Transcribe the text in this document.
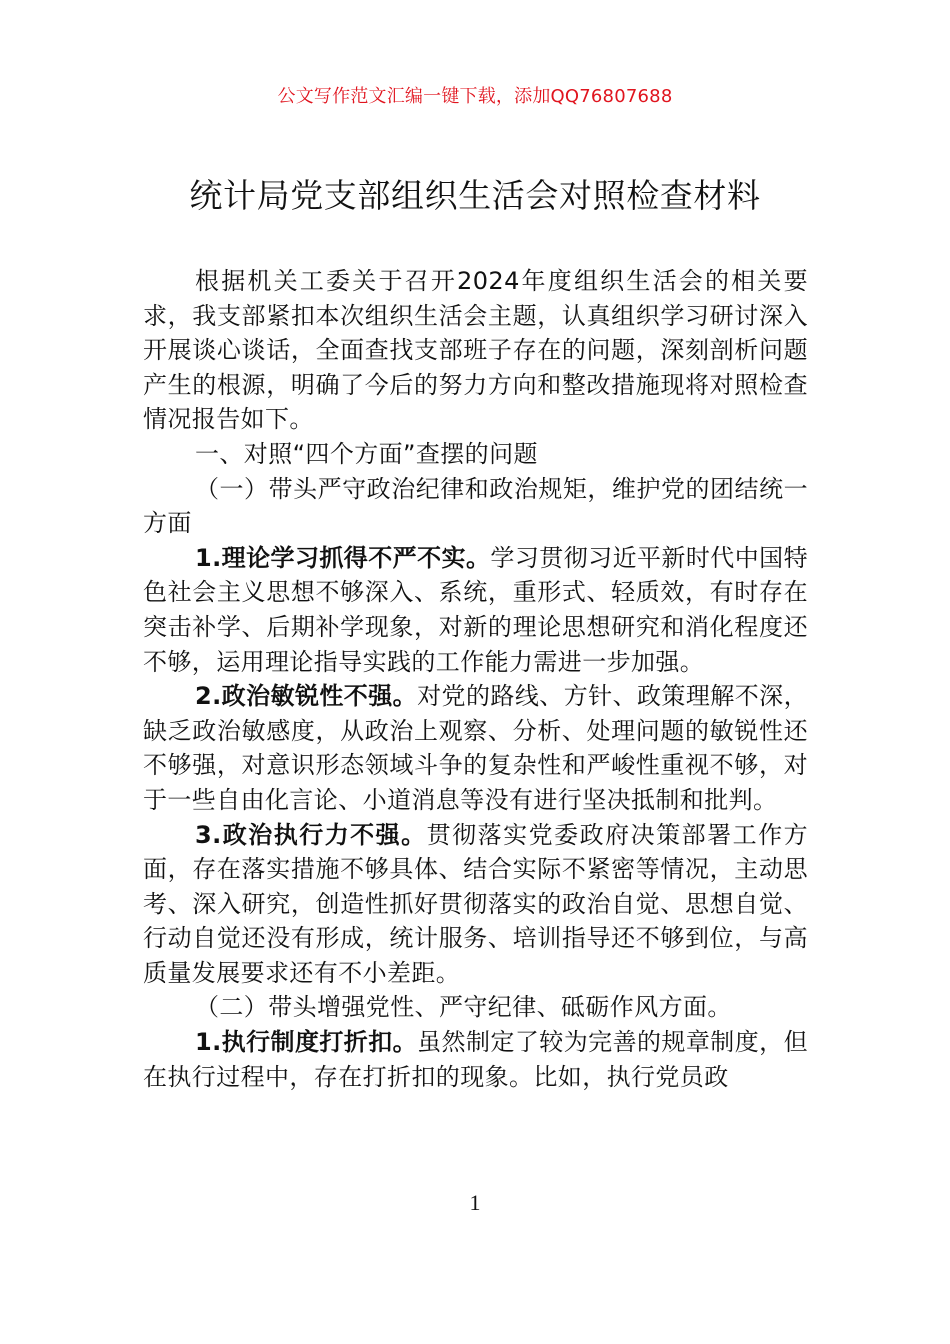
公文写作范文汇编一键下载，添加QQ76807688
统计局党支部组织生活会对照检查材料

根据机关工委关于召开2024年度组织生活会的相关要求，我支部紧扣本次组织生活会主题，认真组织学习研讨深入开展谈心谈话，全面查找支部班子存在的问题，深刻剖析问题产生的根源，明确了今后的努力方向和整改措施现将对照检查情况报告如下。

一、对照“四个方面”查摆的问题

（一）带头严守政治纪律和政治规矩，维护党的团结统一方面

1.理论学习抓得不严不实。学习贯彻习近平新时代中国特色社会主义思想不够深入、系统，重形式、轻质效，有时存在突击补学、后期补学现象，对新的理论思想研究和消化程度还不够，运用理论指导实践的工作能力需进一步加强。

2.政治敏锐性不强。对党的路线、方针、政策理解不深，缺乏政治敏感度，从政治上观察、分析、处理问题的敏锐性还不够强，对意识形态领域斗争的复杂性和严峻性重视不够，对于一些自由化言论、小道消息等没有进行坚决抵制和批判。

3.政治执行力不强。贯彻落实党委政府决策部署工作方面，存在落实措施不够具体、结合实际不紧密等情况，主动思考、深入研究，创造性抓好贯彻落实的政治自觉、思想自觉、行动自觉还没有形成，统计服务、培训指导还不够到位，与高质量发展要求还有不小差距。

（二）带头增强党性、严守纪律、砥砺作风方面。

1.执行制度打折扣。虽然制定了较为完善的规章制度，但在执行过程中，存在打折扣的现象。比如，执行党员政

1
